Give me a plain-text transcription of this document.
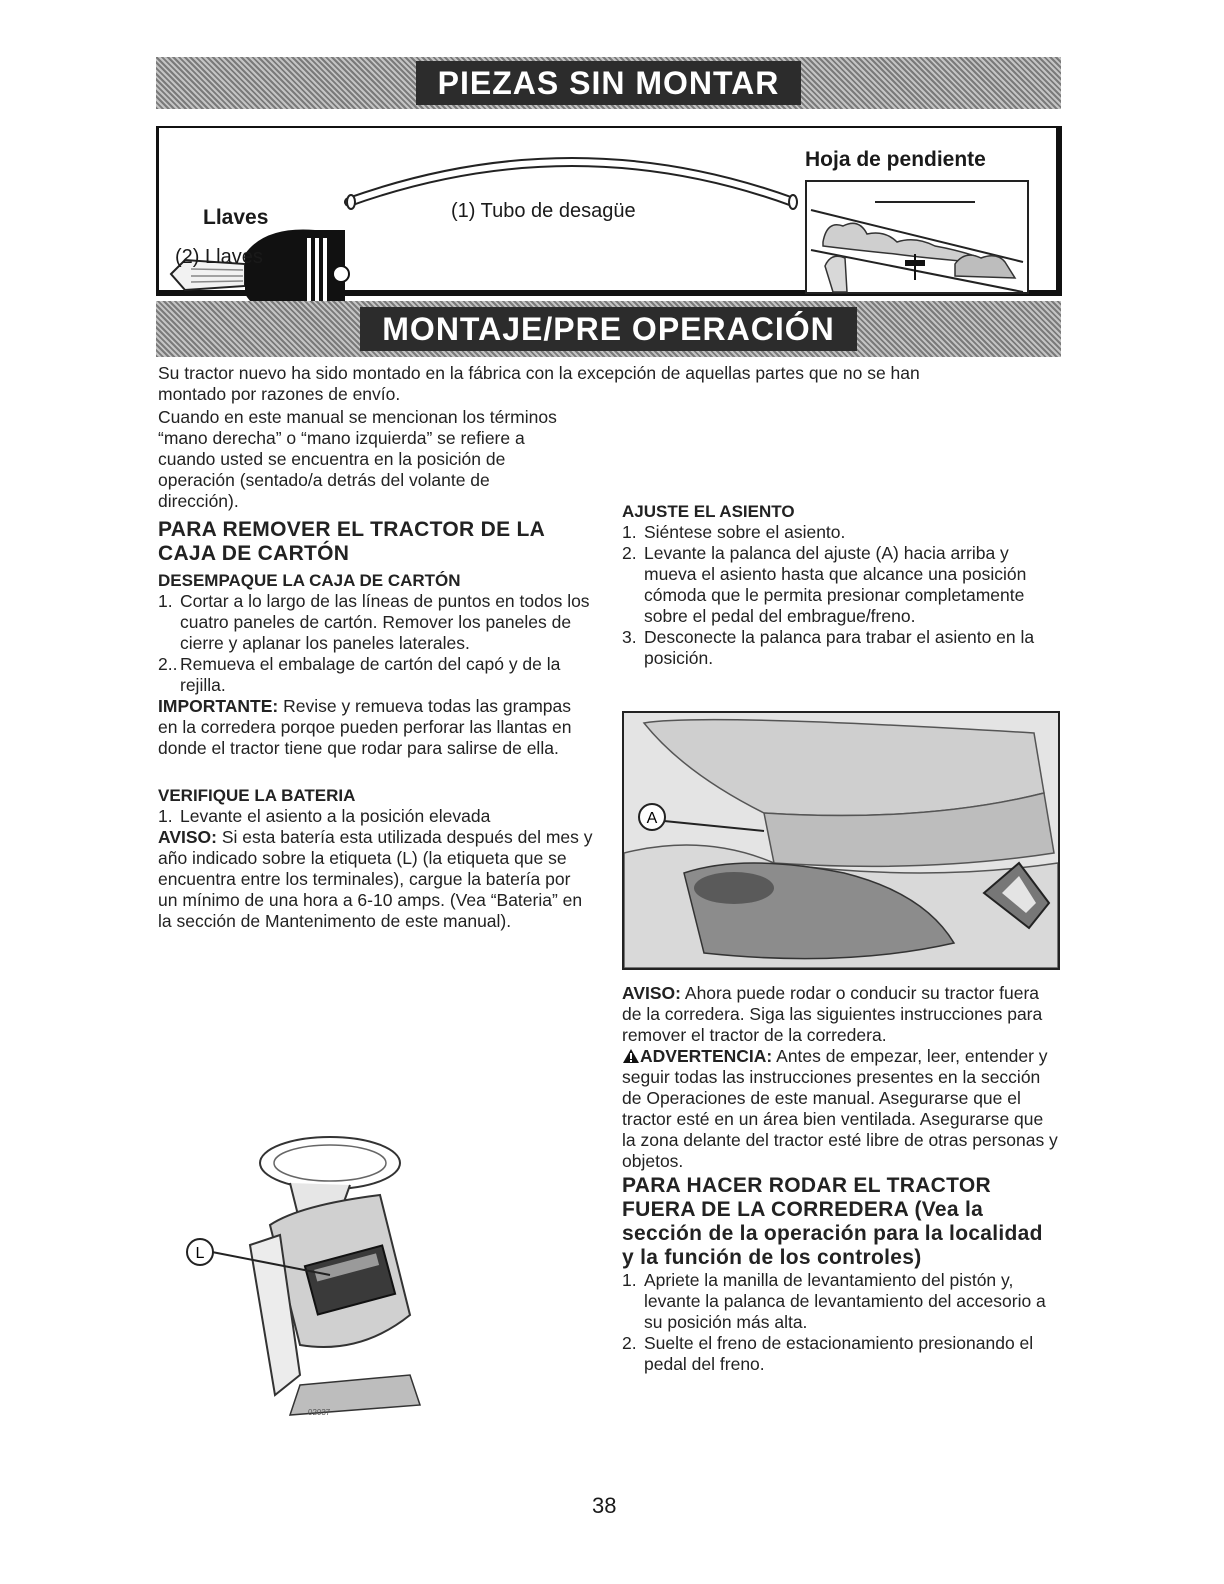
PIEZAS SIN MONTAR
Llaves
(2) Llaves
(1) Tubo de desagüe
Hoja de pendiente
MONTAJE/PRE OPERACIÓN

Su tractor nuevo ha sido montado en la fábrica con la excepción de aquellas partes que no se han

montado por razones de envío.

Cuando en este manual se mencionan los términos “mano derecha” o “mano izquierda” se refiere a cuando usted se encuentra en la posición de operación (sentado/a detrás del volante de dirección).

PARA REMOVER EL TRACTOR DE LA CAJA DE CARTÓN
DESEMPAQUE LA CAJA DE CARTÓN
1. Cortar a lo largo de las líneas de puntos en todos los cuatro paneles de cartón. Remover los paneles de cierre y aplanar los paneles laterales.
2.. Remueva el embalage de cartón del capó y de la rejilla.

IMPORTANTE: Revise y remueva todas las grampas en la corredera porqoe pueden perforar las llantas en donde el tractor tiene que rodar para salirse de ella.

VERIFIQUE LA BATERIA
1. Levante el asiento a la posición elevada

AVISO: Si esta batería esta utilizada después del mes y año indicado sobre la etiqueta (L) (la etiqueta que se encuentra entre los terminales), cargue la batería por un mínimo de una hora a 6-10 amps. (Vea “Bateria” en la sección de Mantenimento de este manual).

L
02037
AJUSTE EL ASIENTO
1. Siéntese sobre el asiento.
2. Levante la palanca del ajuste (A) hacia arriba y mueva el asiento hasta que alcance una posición cómoda que le permita presionar completamente sobre el pedal del embrague/freno.
3. Desconecte la palanca para trabar el asiento en la posición.
A

AVISO: Ahora puede rodar o conducir su tractor fuera de la corredera. Siga las siguientes instrucciones para remover el tractor de la corredera.

ADVERTENCIA: Antes de empezar, leer, entender y seguir todas las instrucciones presentes en la sección de Operaciones de este manual. Asegurarse que el tractor esté en un área bien ventilada. Asegurarse que la zona delante del tractor esté libre de otras personas y objetos.

PARA HACER RODAR EL TRACTOR FUERA DE LA CORREDERA (Vea la sección de la operación para la localidad y la función de los controles)
1. Apriete la manilla de levantamiento del pistón y, levante la palanca de levantamiento del accesorio a su posición más alta.
2. Suelte el freno de estacionamiento presionando el pedal del freno.
38
